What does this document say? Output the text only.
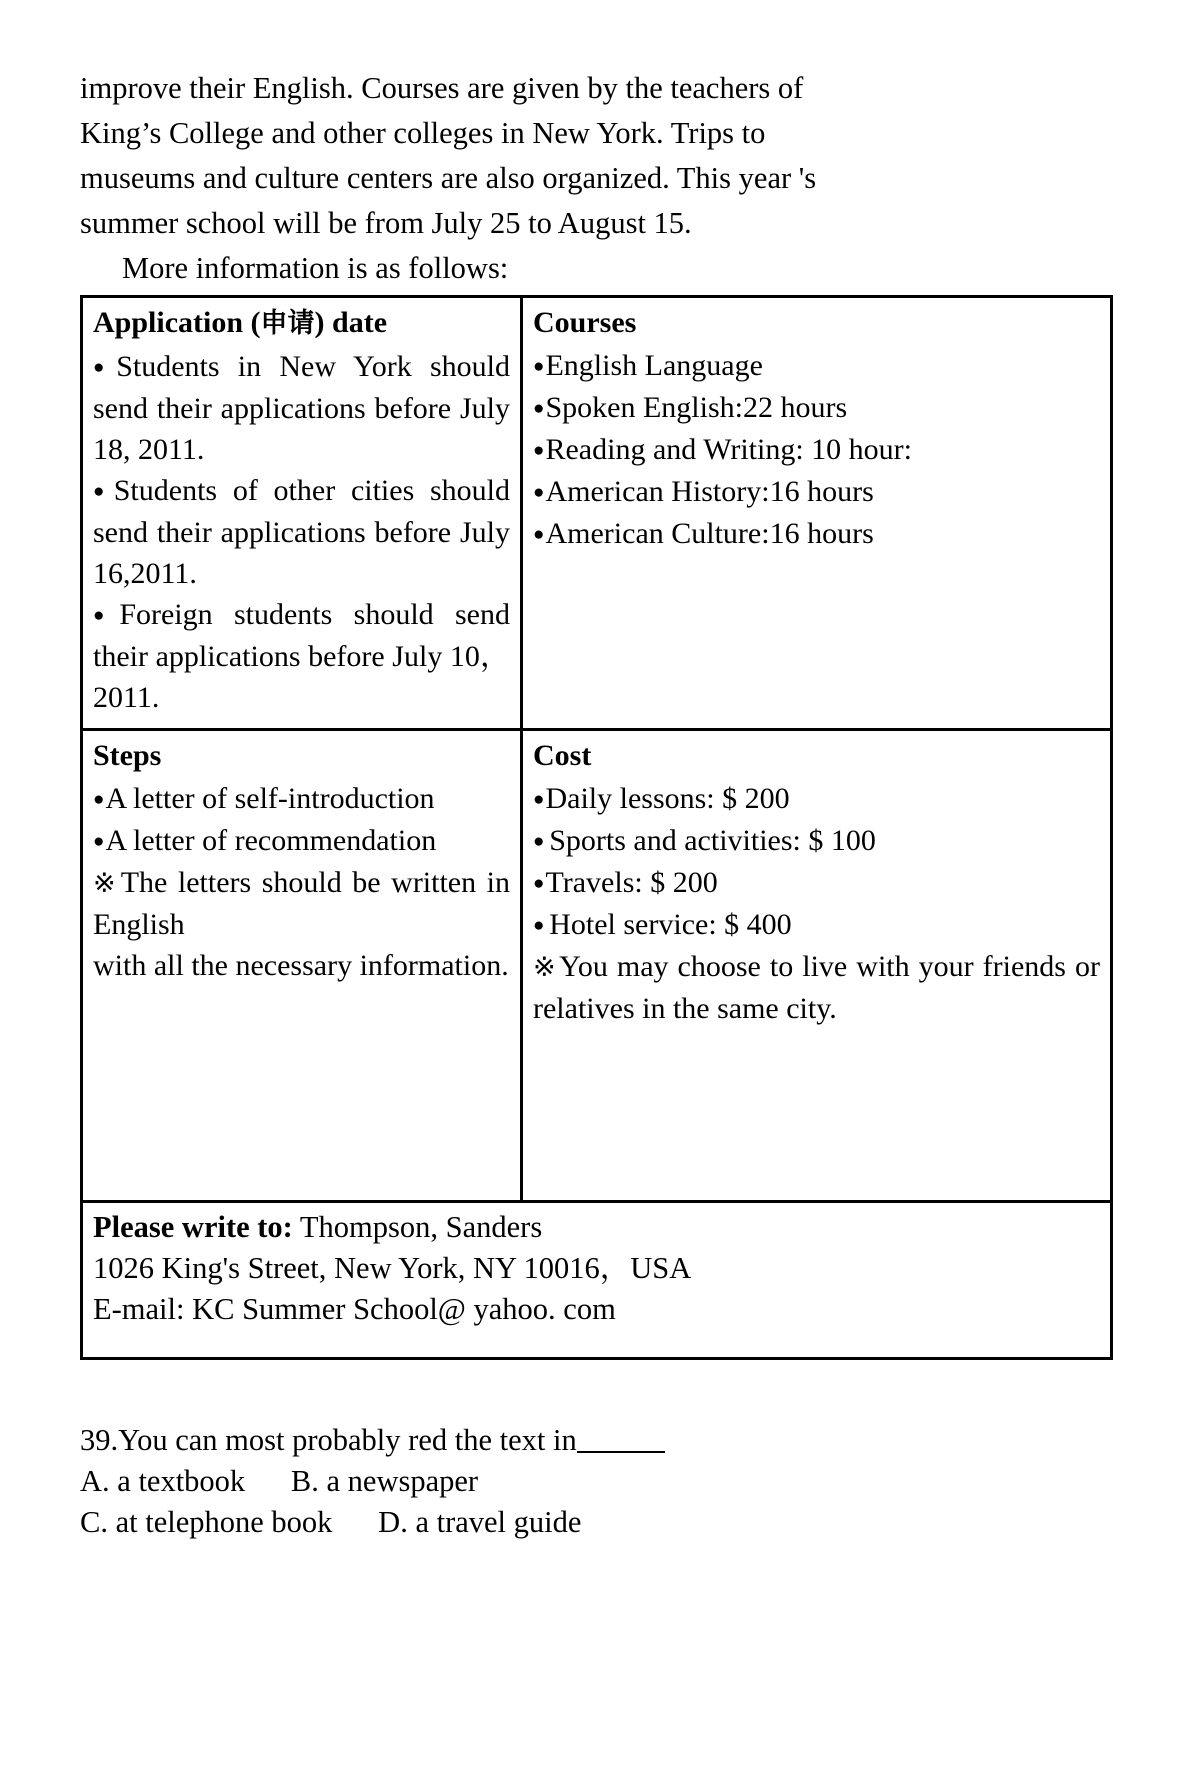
improve their English. Courses are given by the teachers of

King’s College and other colleges in New York. Trips to

museums and culture centers are also organized. This year 's

summer school will be from July 25 to August 15.

More information is as follows:

Application (申请) date
● Students in New York should send their applications before July 18, 2011.
● Students of other cities should send their applications before July 16,2011.
● Foreign students should send their applications before July 10，2011.

Courses
● English Language
● Spoken English:22 hours
● Reading and Writing: 10 hour:
● American History:16 hours
● American Culture:16 hours

Steps
● A letter of self-introduction
● A letter of recommendation
※ The letters should be written in English
with all the necessary information.

Cost
● Daily lessons: $ 200
● Sports and activities: $ 100
● Travels: $ 200
● Hotel service: $ 400
※ You may choose to live with your friends or relatives in the same city.

Please write to: Thompson, Sanders
1026 King's Street, New York, NY 10016，USA
E-mail: KC Summer School@ yahoo. com	
39.You can most probably red the text in
A. a textbook      B. a newspaper
C. at telephone book      D. a travel guide
